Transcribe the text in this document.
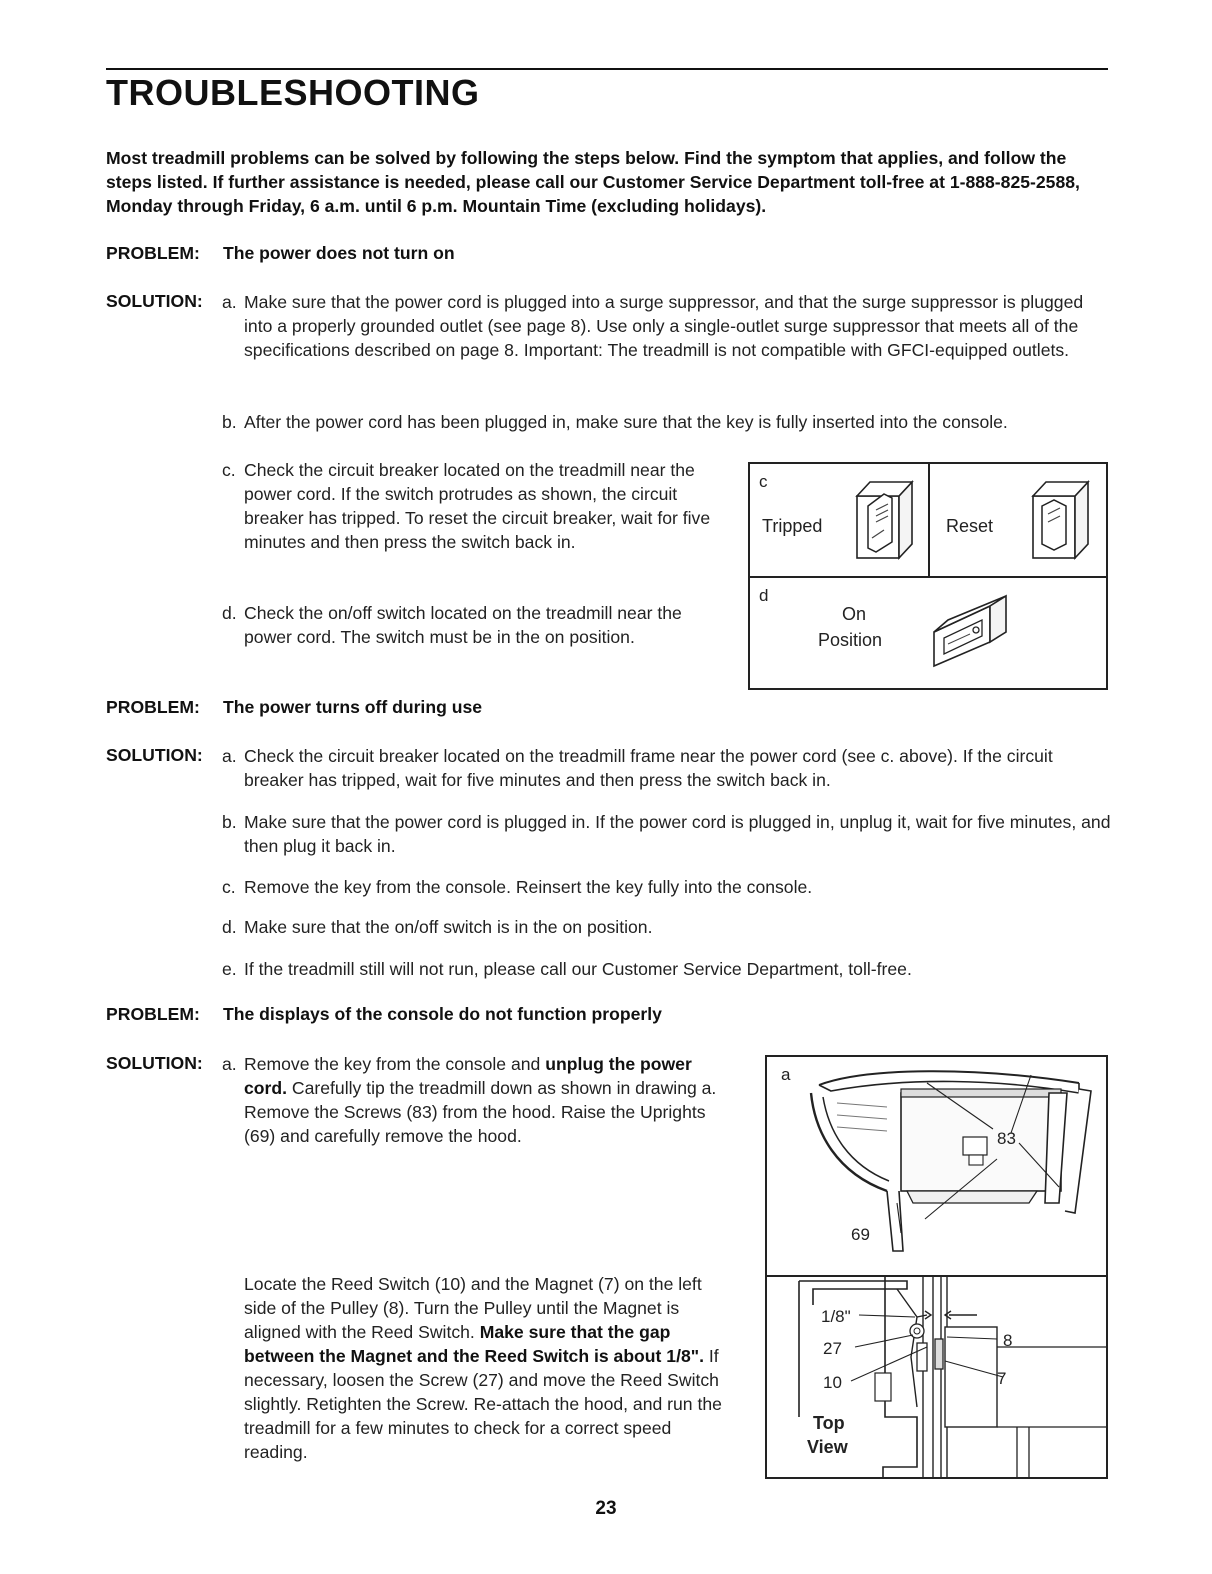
TROUBLESHOOTING

Most treadmill problems can be solved by following the steps below. Find the symptom that applies, and follow the steps listed. If further assistance is needed, please call our Customer Service Department toll-free at 1-888-825-2588, Monday through Friday, 6 a.m. until 6 p.m. Mountain Time (excluding holidays).

PROBLEM: The power does not turn on
SOLUTION: a. Make sure that the power cord is plugged into a surge suppressor, and that the surge suppressor is plugged into a properly grounded outlet (see page 8). Use only a single-outlet surge suppressor that meets all of the specifications described on page 8. Important: The treadmill is not compatible with GFCI-equipped outlets.
b. After the power cord has been plugged in, make sure that the key is fully inserted into the console.
c. Check the circuit breaker located on the treadmill near the power cord. If the switch protrudes as shown, the circuit breaker has tripped. To reset the circuit breaker, wait for five minutes and then press the switch back in.
d. Check the on/off switch located on the treadmill near the power cord. The switch must be in the on position.
c
Tripped	Reset
d
On
Position
PROBLEM: The power turns off during use
SOLUTION: a. Check the circuit breaker located on the treadmill frame near the power cord (see c. above). If the circuit breaker has tripped, wait for five minutes and then press the switch back in.
b. Make sure that the power cord is plugged in. If the power cord is plugged in, unplug it, wait for five minutes, and then plug it back in.
c. Remove the key from the console. Reinsert the key fully into the console.
d. Make sure that the on/off switch is in the on position.
e. If the treadmill still will not run, please call our Customer Service Department, toll-free.
PROBLEM: The displays of the console do not function properly
SOLUTION: a. Remove the key from the console and unplug the power cord. Carefully tip the treadmill down as shown in drawing a. Remove the Screws (83) from the hood. Raise the Uprights (69) and carefully remove the hood.
Locate the Reed Switch (10) and the Magnet (7) on the left side of the Pulley (8). Turn the Pulley until the Magnet is aligned with the Reed Switch. Make sure that the gap between the Magnet and the Reed Switch is about 1/8". If necessary, loosen the Screw (27) and move the Reed Switch slightly. Retighten the Screw. Re-attach the hood, and run the treadmill for a few minutes to check for a correct speed reading.
a
83
69
1/8"
27
10
8
7
Top
View
23
